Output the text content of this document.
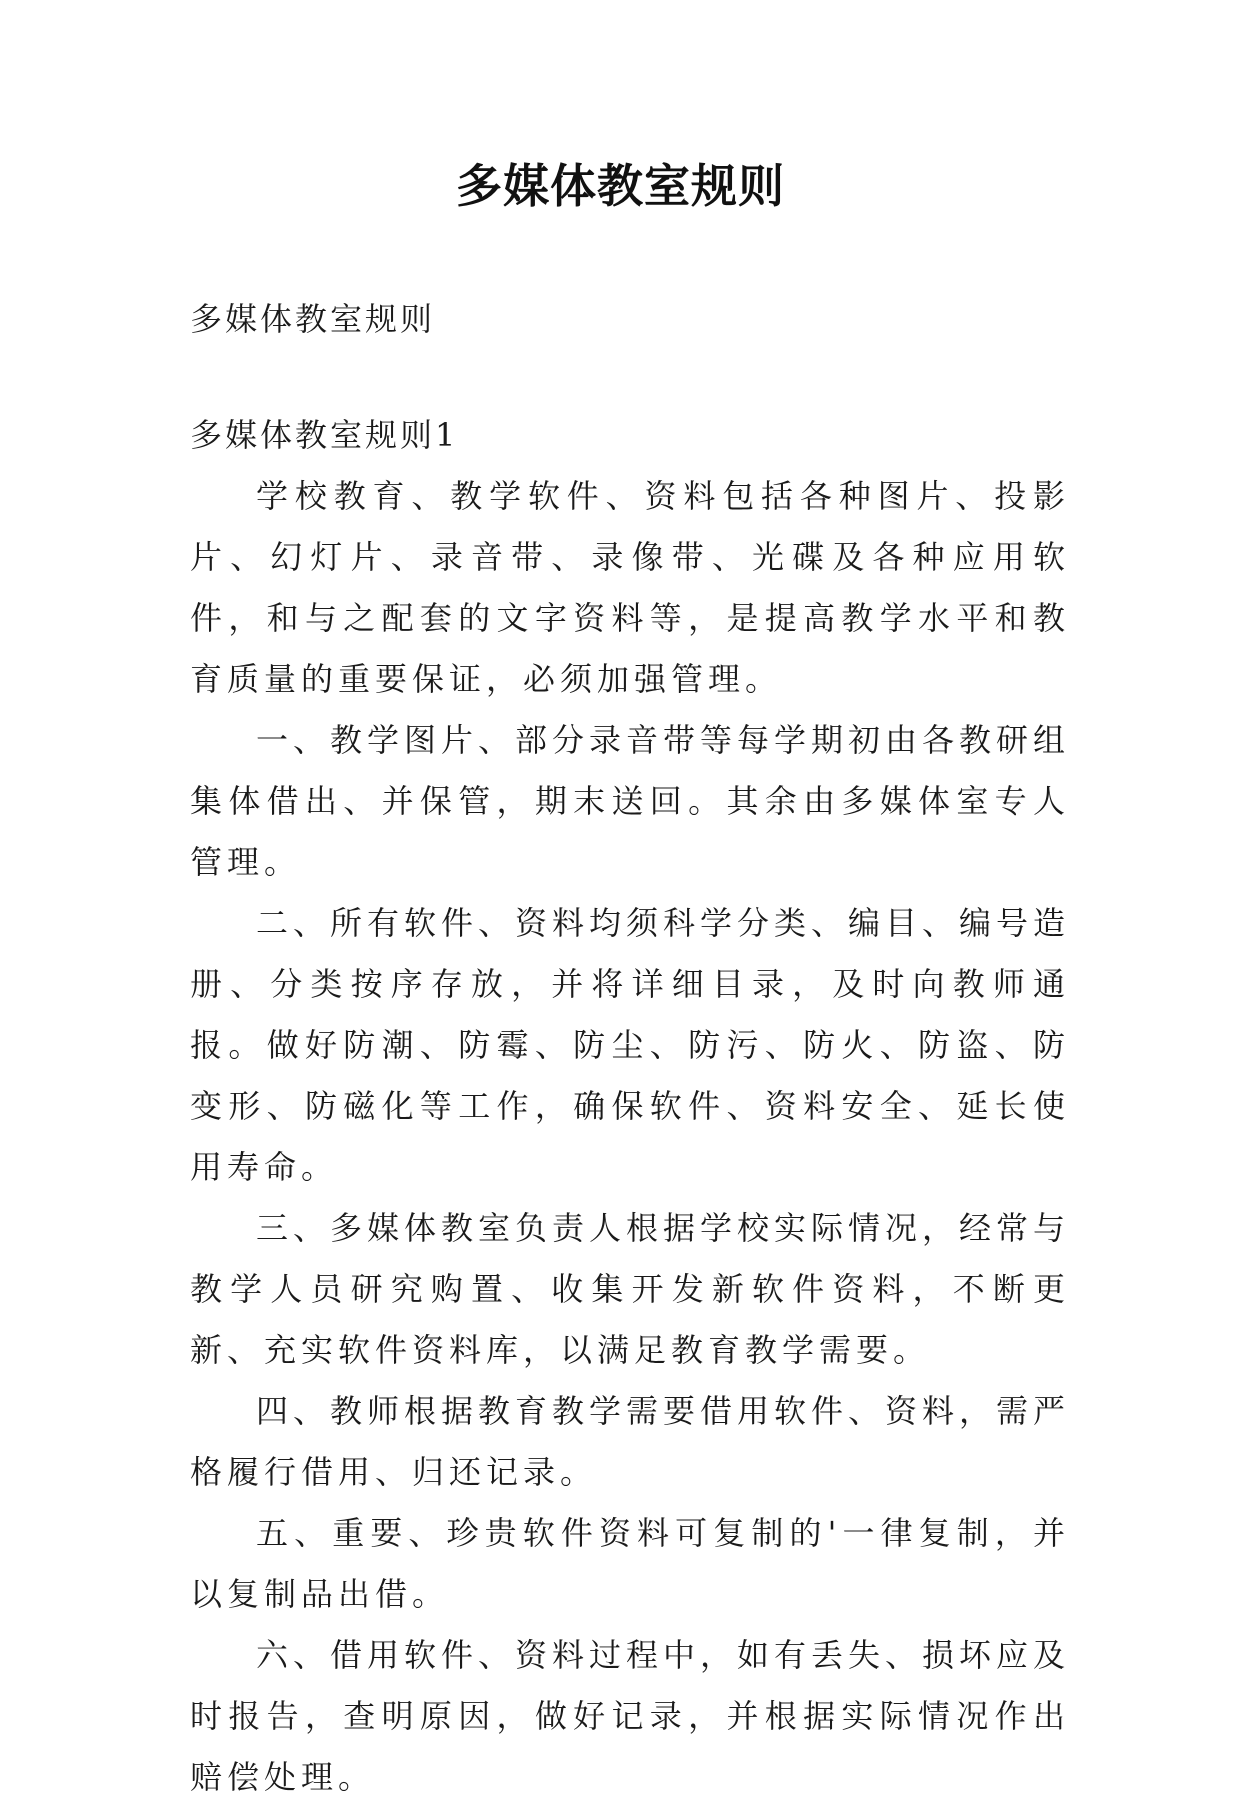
多媒体教室规则
多媒体教室规则
多媒体教室规则1

学校教育、教学软件、资料包括各种图片、投影片、幻灯片、录音带、录像带、光碟及各种应用软件，和与之配套的文字资料等，是提高教学水平和教育质量的重要保证，必须加强管理。

一、教学图片、部分录音带等每学期初由各教研组集体借出、并保管，期末送回。其余由多媒体室专人管理。

二、所有软件、资料均须科学分类、编目、编号造册、分类按序存放，并将详细目录，及时向教师通报。做好防潮、防霉、防尘、防污、防火、防盗、防变形、防磁化等工作，确保软件、资料安全、延长使用寿命。

三、多媒体教室负责人根据学校实际情况，经常与教学人员研究购置、收集开发新软件资料，不断更新、充实软件资料库，以满足教育教学需要。

四、教师根据教育教学需要借用软件、资料，需严格履行借用、归还记录。

五、重要、珍贵软件资料可复制的'一律复制，并以复制品出借。

六、借用软件、资料过程中，如有丢失、损坏应及时报告，查明原因，做好记录，并根据实际情况作出赔偿处理。
